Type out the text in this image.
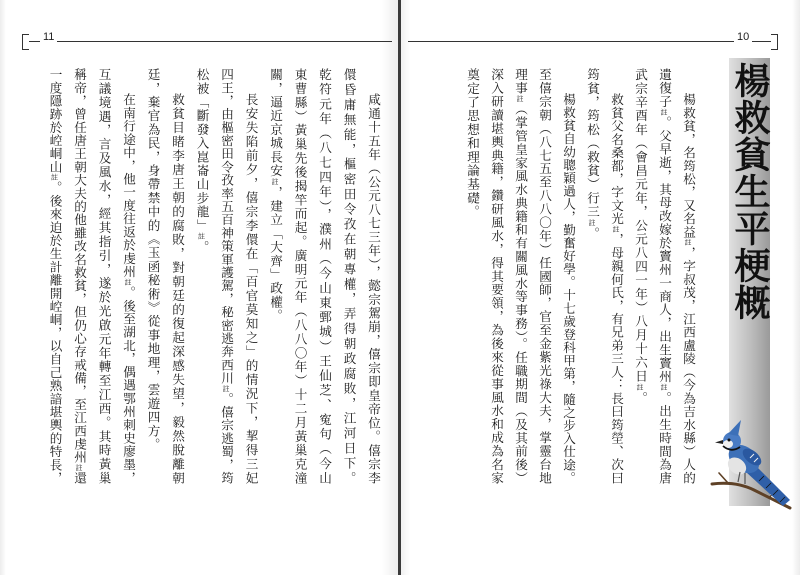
11	10
楊救貧生平梗概
楊救貧，名筠松，又名益註，字叔茂，江西盧陵（今為吉水縣）人的
遺復子註。父早逝，其母改嫁於竇州一商人，出生竇州註。出生時間為唐
武宗辛酉年（會昌元年，公元八四一年）八月十六日註。
救貧父名桑都，字文光註，母親何氏，有兄弟三人：長曰筠塋、次曰
筠貧，筠松（救貧）行三註。
楊救貧自幼聰穎過人，勤奮好學。十七歲登科甲第，隨之步入仕途。
至僖宗朝（八七五至八八〇年）任國師，官至金紫光祿大夫，掌靈台地
理事註（掌管皇家風水典籍和有關風水等事務）。任職期間（及其前後）
深入研讀堪輿典籍，鑽研風水，得其要領，為後來從事風水和成為名家
奠定了思想和理論基礎。
咸通十五年（公元八七三年），懿宗駕崩，僖宗即皇帝位。僖宗李
儇昏庸無能，樞密田令孜在朝專權，弄得朝政腐敗，江河日下。
乾符元年（八七四年），濮州（今山東鄄城）王仙芝、寃句（今山
東曹縣）黃巢先後揭竿而起。廣明元年（八八〇年）十二月黃巢克潼
關，逼近京城長安註，建立「大齊」政權。
長安失陷前夕，僖宗李儇在「百官莫知之」的情況下，挈得三妃
四王，由樞密田令孜率五百神策軍護駕，秘密逃奔西川註。僖宗逃蜀，筠
松被「斷發入崑崙山步龍」註。
救貧目睹李唐王朝的腐敗，對朝廷的復起深感失望，毅然脫離朝
廷，棄官為民，身帶禁中的《玉函秘術》從事地理，雲遊四方。
在南行途中，他一度往返於虔州註。後至湖北，偶遇鄂州刺史廖墨，
互議境遇，言及風水，經其指引，遂於光啟元年轉至江西。其時黃巢
稱帝，曾任唐王朝大夫的他雖改名救貧，但仍心存戒備，至江西虔州註還
一度隱跡於崆峒山註。後來迫於生計離開崆峒，以自己熟諳堪輿的特長，
